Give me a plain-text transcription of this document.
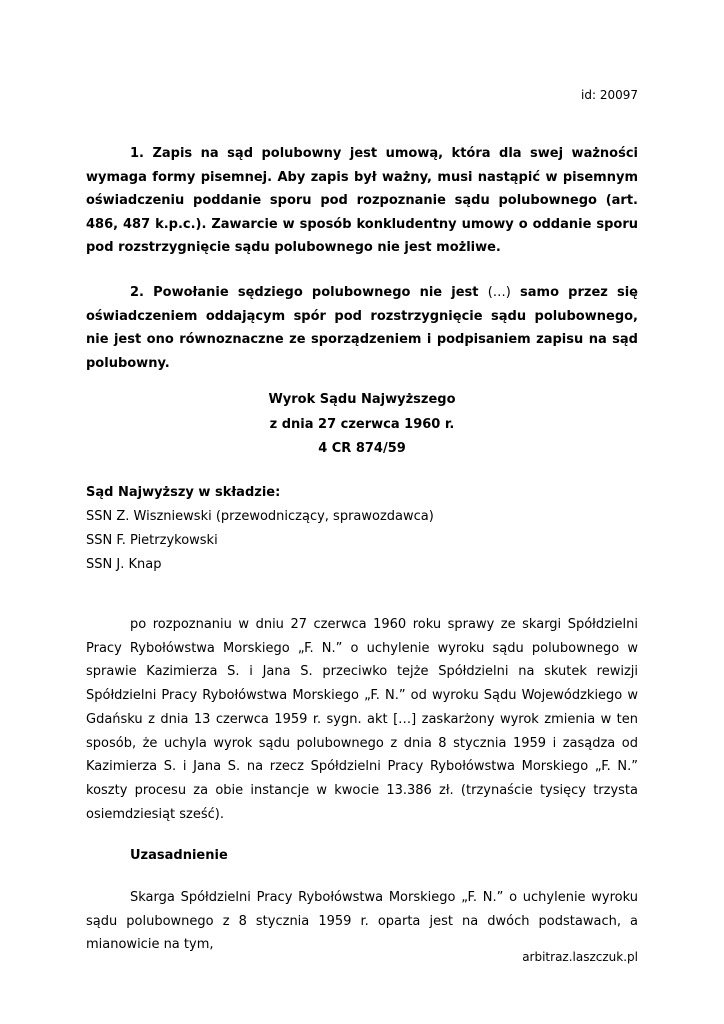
id: 20097

1. Zapis na sąd polubowny jest umową, która dla swej ważności wymaga formy pisemnej. Aby zapis był ważny, musi nastąpić w pisemnym oświadczeniu poddanie sporu pod rozpoznanie sądu polubownego (art. 486, 487 k.p.c.). Zawarcie w sposób konkludentny umowy o oddanie sporu pod rozstrzygnięcie sądu polubownego nie jest możliwe.

2. Powołanie sędziego polubownego nie jest (…) samo przez się oświadczeniem oddającym spór pod rozstrzygnięcie sądu polubownego, nie jest ono równoznaczne ze sporządzeniem i podpisaniem zapisu na sąd polubowny.

Wyrok Sądu Najwyższego
z dnia 27 czerwca 1960 r.
4 CR 874/59
Sąd Najwyższy w składzie:
SSN Z. Wiszniewski (przewodniczący, sprawozdawca)
SSN F. Pietrzykowski
SSN J. Knap

po rozpoznaniu w dniu 27 czerwca 1960 roku sprawy ze skargi Spółdzielni Pracy Rybołówstwa Morskiego „F. N.” o uchylenie wyroku sądu polubownego w sprawie Kazimierza S. i Jana S. przeciwko tejże Spółdzielni na skutek rewizji Spółdzielni Pracy Rybołówstwa Morskiego „F. N.” od wyroku Sądu Wojewódzkiego w Gdańsku z dnia 13 czerwca 1959 r. sygn. akt […] zaskarżony wyrok zmienia w ten sposób, że uchyla wyrok sądu polubownego z dnia 8 stycznia 1959 i zasądza od Kazimierza S. i Jana S. na rzecz Spółdzielni Pracy Rybołówstwa Morskiego „F. N.” koszty procesu za obie instancje w kwocie 13.386 zł. (trzynaście tysięcy trzysta osiemdziesiąt sześć).

Uzasadnienie

Skarga Spółdzielni Pracy Rybołówstwa Morskiego „F. N.” o uchylenie wyroku sądu polubownego z 8 stycznia 1959 r. oparta jest na dwóch podstawach, a mianowicie na tym,

arbitraz.laszczuk.pl
